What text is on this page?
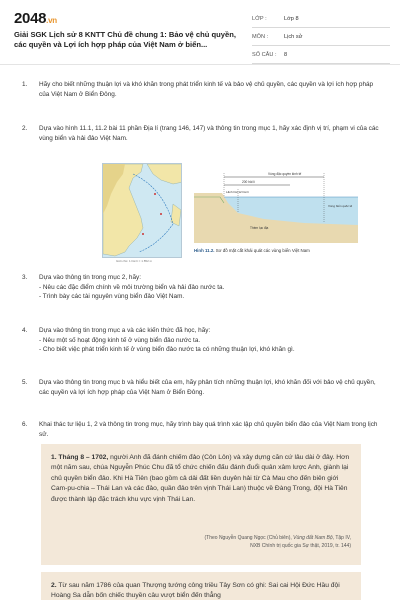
2048.vn
Giải SGK Lịch sử 8 KNTT Chủ đề chung 1: Bảo vệ chủ quyền, các quyền và Lợi ích hợp pháp của Việt Nam ở biển...
LỚP :	Lớp 8
MÔN :	Lịch sử
SỐ CÂU :	8
1. Hãy cho biết những thuận lợi và khó khăn trong phát triển kinh tế và bảo vệ chủ quyền, các quyền và lợi ích hợp pháp của Việt Nam ở Biển Đông.
2. Dựa vào hình 11.1, 11.2 bài 11 phần Địa lí (trang 146, 147) và thông tin trong mục 1, hãy xác định vị trí, phạm vi của các vùng biển và hải đảo Việt Nam.
Giới chú: 1 hải lí = 1 852 m
Vùng đặc quyền kinh tế
200 hải lí
Lãnh hải 12 hải lí
Thềm lục địa
Vùng biển quốc tế
Hình 11.2. Sơ đồ mặt cắt khái quát các vùng biển Việt Nam
3. Dựa vào thông tin trong mục 2, hãy:
- Nêu các đặc điểm chính về môi trường biển và hải đảo nước ta.
- Trình bày các tài nguyên vùng biển đảo Việt Nam.
4. Dựa vào thông tin trong mục a và các kiến thức đã học, hãy:
- Nêu một số hoạt động kinh tế ở vùng biển đảo nước ta.
- Cho biết việc phát triển kinh tế ở vùng biển đảo nước ta có những thuận lợi, khó khăn gì.
5. Dựa vào thông tin trong mục b và hiểu biết của em, hãy phân tích những thuận lợi, khó khăn đối với bảo vệ chủ quyền, các quyền và lợi ích hợp pháp của Việt Nam ở Biển Đông.
6. Khai thác tư liệu 1, 2 và thông tin trong mục, hãy trình bày quá trình xác lập chủ quyền biển đảo của Việt Nam trong lịch sử.
1. Tháng 8 – 1702, người Anh đã đánh chiếm đảo (Côn Lôn) và xây dựng căn cứ lâu dài ở đây. Hơn một năm sau, chúa Nguyễn Phúc Chu đã tổ chức chiến đấu đánh đuổi quân xâm lược Anh, giành lại chủ quyền biển đảo. Khi Hà Tiên (bao gồm cả dải đất liền duyên hải từ Cà Mau cho đến biên giới Cam-pu-chia – Thái Lan và các đảo, quần đảo trên vịnh Thái Lan) thuộc về Đàng Trong, đội Hà Tiên được thành lập đặc trách khu vực vịnh Thái Lan.
(Theo Nguyễn Quang Ngọc (Chủ biên), Vùng đất Nam Bộ, Tập IV,
NXB Chính trị quốc gia Sự thật, 2019, tr. 144)
2. Từ sau năm 1786 của quan Thượng tướng công triều Tây Sơn có ghi: Sai cai Hội Đức Hầu đội Hoàng Sa dẫn bốn chiếc thuyền câu vượt biển đến thẳng
